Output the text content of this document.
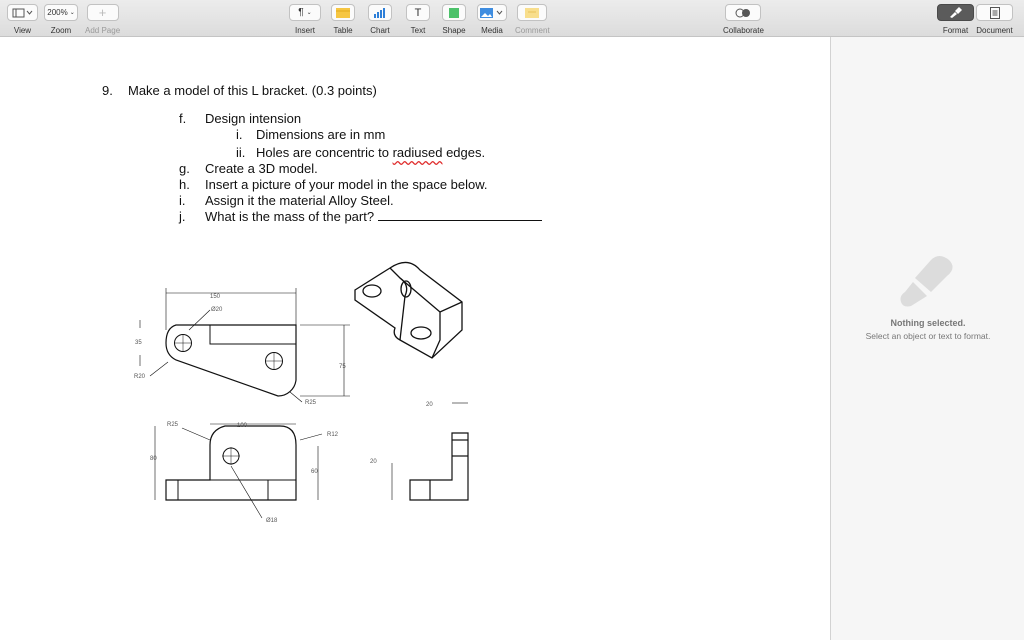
View
200% ⌄
Zoom
+
Add Page
¶ ⌄
Insert Table Chart
T
Text Shape Media Comment	Collaborate	Format Document
9. Make a model of this L bracket. (0.3 points)
f. Design intension
i. Dimensions are in mm
ii. Holes are concentric to radiused edges.
g. Create a 3D model.
h. Insert a picture of your model in the space below.
i. Assign it the material Alloy Steel.
j. What is the mass of the part?
150
Ø20
35
R20
75
R25
R25	100
R12
80
60
Ø18
20
20
Nothing selected.
Select an object or text to format.
